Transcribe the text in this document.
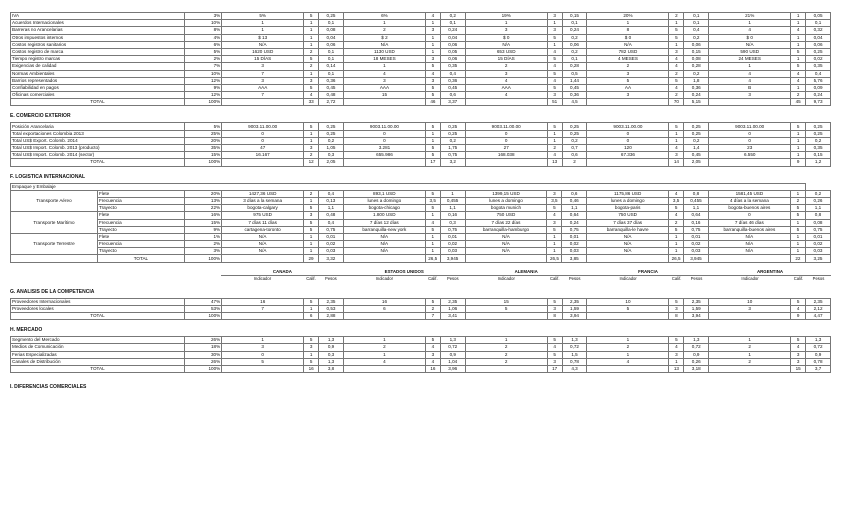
IVA	3%	5%	5	0,25	6%	4	0,2	19%	3	0,15	20%	2	0,1	21%	1	0,05
Acuerdos Internacionales	10%	1	1	0,1	1	1	0,1	1	1	0,1	1	1	0,1	1	1	0,1
Barreras no Arancelarias	8%	1	1	0,08	2	3	0,24	3	3	0,24	8	5	0,4	4	4	0,32
Otros impuestos internos	4%	$ 13	1	0,04	$ 2	1	0,04	$ 0	5	0,2	$ 0	5	0,2	$ 0	1	0,04
Costos registros sanitarios	6%	N/A	1	0,06	N/A	1	0,06	N/A	1	0,06	N/A	1	0,06	N/A	1	0,06
Costos registro de marca	5%	1620 USD	2	0,1	1130 USD	1	0,05	653 USD	4	0,2	782 USD	3	0,15	590 USD	5	0,25
Tiempo registro marcas	2%	15 DÍAS	5	0,1	18 MESES	3	0,06	15 DÍAS	5	0,1	4 MESES	4	0,08	24 MESES	1	0,02
Exigencias de calidad	7%	3	2	0,14	1	5	0,35	2	4	0,28	2	4	0,28	1	5	0,35
Normas Ambientales	10%	7	1	0,1	4	4	0,4	3	5	0,5	3	2	0,2	4	4	0,4
Barrios representados	12%	3	3	0,36	3	3	0,36	4	4	1,44	5	5	1,8	4	4	5,76
Confiabilidad en pagos	9%	AAA	5	0,45	AAA	5	0,45	AAA	5	0,45	AA	4	0,36	B	1	0,09
Oficinas comerciales	12%	7	4	0,48	15	5	0,6	4	3	0,36	3	2	0,24	3	2	0,24
TOTAL	100%		33	2,72		46	3,37		51	4,5		70	5,15		45	9,73
E. COMERCIO EXTERIOR
Posición Arancelaria	5%	9003.11.00.00	5	0,25	9003.11.00.00	5	0,25	9003.11.00.00	5	0,25	9003.11.00.00	5	0,25	9003.11.00.00	5	0,25
Total exportaciones Colombia 2013	25%	0	1	0,25	0	1	0,25	0	1	0,25	0	1	0,25	0	1	0,25
Total US$ Export. Colomb. 2014	20%	0	1	0,2	0	1	0,2	0	1	0,2	0	1	0,2	0	1	0,2
Total US$ Import. Colomb. 2013 (producto)	35%	47	3	1,05	3.281	5	1,75	27	2	0,7	120	4	1,4	23	1	0,35
Total US$ Import. Colomb. 2014 (sector)	15%	16.167	2	0,3	655.986	5	0,75	168.038	4	0,6	67.336	3	0,45	6.550	1	0,15
TOTAL	100%		12	2,05		17	3,2		13	2		14	2,05		9	1,2
F. LOGISTICA INTERNACIONAL
Empaque y Embalaje																	
Transporte Aéreo	Flete	20%	1427,36 USD	2	0,4	893,1 USD	5	1	1399,15 USD	3	0,6	1175,86 USD	4	0,8	1581,45 USD	1	0,2
	Frecuencia	13%	3 días a la semana	1	0,13	lunes a domingo	3,5	0,455	lunes a domingo	3,5	0,46	lunes a domingo	3,5	0,455	4 días a la semana	2	0,26
	Trayecto	22%	bogota-calgary	5	1,1	bogota-chicago	5	1,1	bogota munich	5	1,1	bogota-paris	5	1,1	bogota-buenos aires	5	1,1
Transporte Marítimo	Flete	16%	975 USD	3	0,48	1.800 USD	1	0,16	750 USD	4	0,64	750 USD	4	0,64	0	5	0,8
	Frecuencia	15%	7 días 11 días	5	0,4	7 días 12 días	4	0,3	7 días 22 días	3	0,24	7 días 37 días	2	0,16	7 días 46 días	1	0,08
	Trayecto	9%	cartagena-toronto	5	0,75	barranquilla-new york	5	0,75	barranquilla-hamburgo	5	0,75	barranquilla-le havre	5	0,75	barranquilla-buenos aires	5	0,75
Transporte Terrestre	Flete	1%	N/A	1	0,01	N/A	1	0,01	N/A	1	0,01	N/A	1	0,01	N/A	1	0,01
	Frecuencia	2%	N/A	1	0,02	N/A	1	0,02	N/A	1	0,02	N/A	1	0,02	N/A	1	0,02
	Trayecto	3%	N/A	1	0,03	N/A	1	0,03	N/A	1	0,03	N/A	1	0,03	N/A	1	0,03
	TOTAL	100%		29	3,32		26,5	3,945		26,5	3,85		26,5	3,945		22	3,25
	CANADA			ESTADOS UNIDOS			ALEMANIA			FRANCIA			ARGENTINA		
	Indicador	Calif.	Pesos	Indicador	Calif.	Pesos	Indicador	Calif.	Pesos	Indicador	Calif.	Pesos	Indicador	Calif.	Pesos
G. ANALISIS DE LA COMPETENCIA
Proveedores Internacionales	47%	16	5	2,35	16	5	2,35	15	5	2,35	10	5	2,35	10	5	2,35
Proveedores locales	53%	7	1	0,53	6	2	1,06	5	3	1,59	5	3	1,59	3	4	2,12
TOTAL	100%		6	2,88		7	3,41		8	3,94		8	3,94		9	4,47
H. MERCADO
Segmento del Mercado	26%	1	5	1,3	1	5	1,3	1	5	1,3	1	5	1,3	1	5	1,3
Medios de Comunicación	18%	3	3	0,9	2	4	0,72	2	4	0,72	2	4	0,72	2	4	0,72
Ferias Especializadas	30%	0	1	0,3	1	3	0,9	2	5	1,5	1	3	0,9	1	3	0,9
Canales de Distribución	26%	5	5	1,3	4	4	1,04	2	3	0,78	4	1	0,26	2	3	0,78
TOTAL	100%		16	3,8		16	3,96		17	4,3		13	3,18		15	3,7
I. DIFERENCIAS COMERCIALES
